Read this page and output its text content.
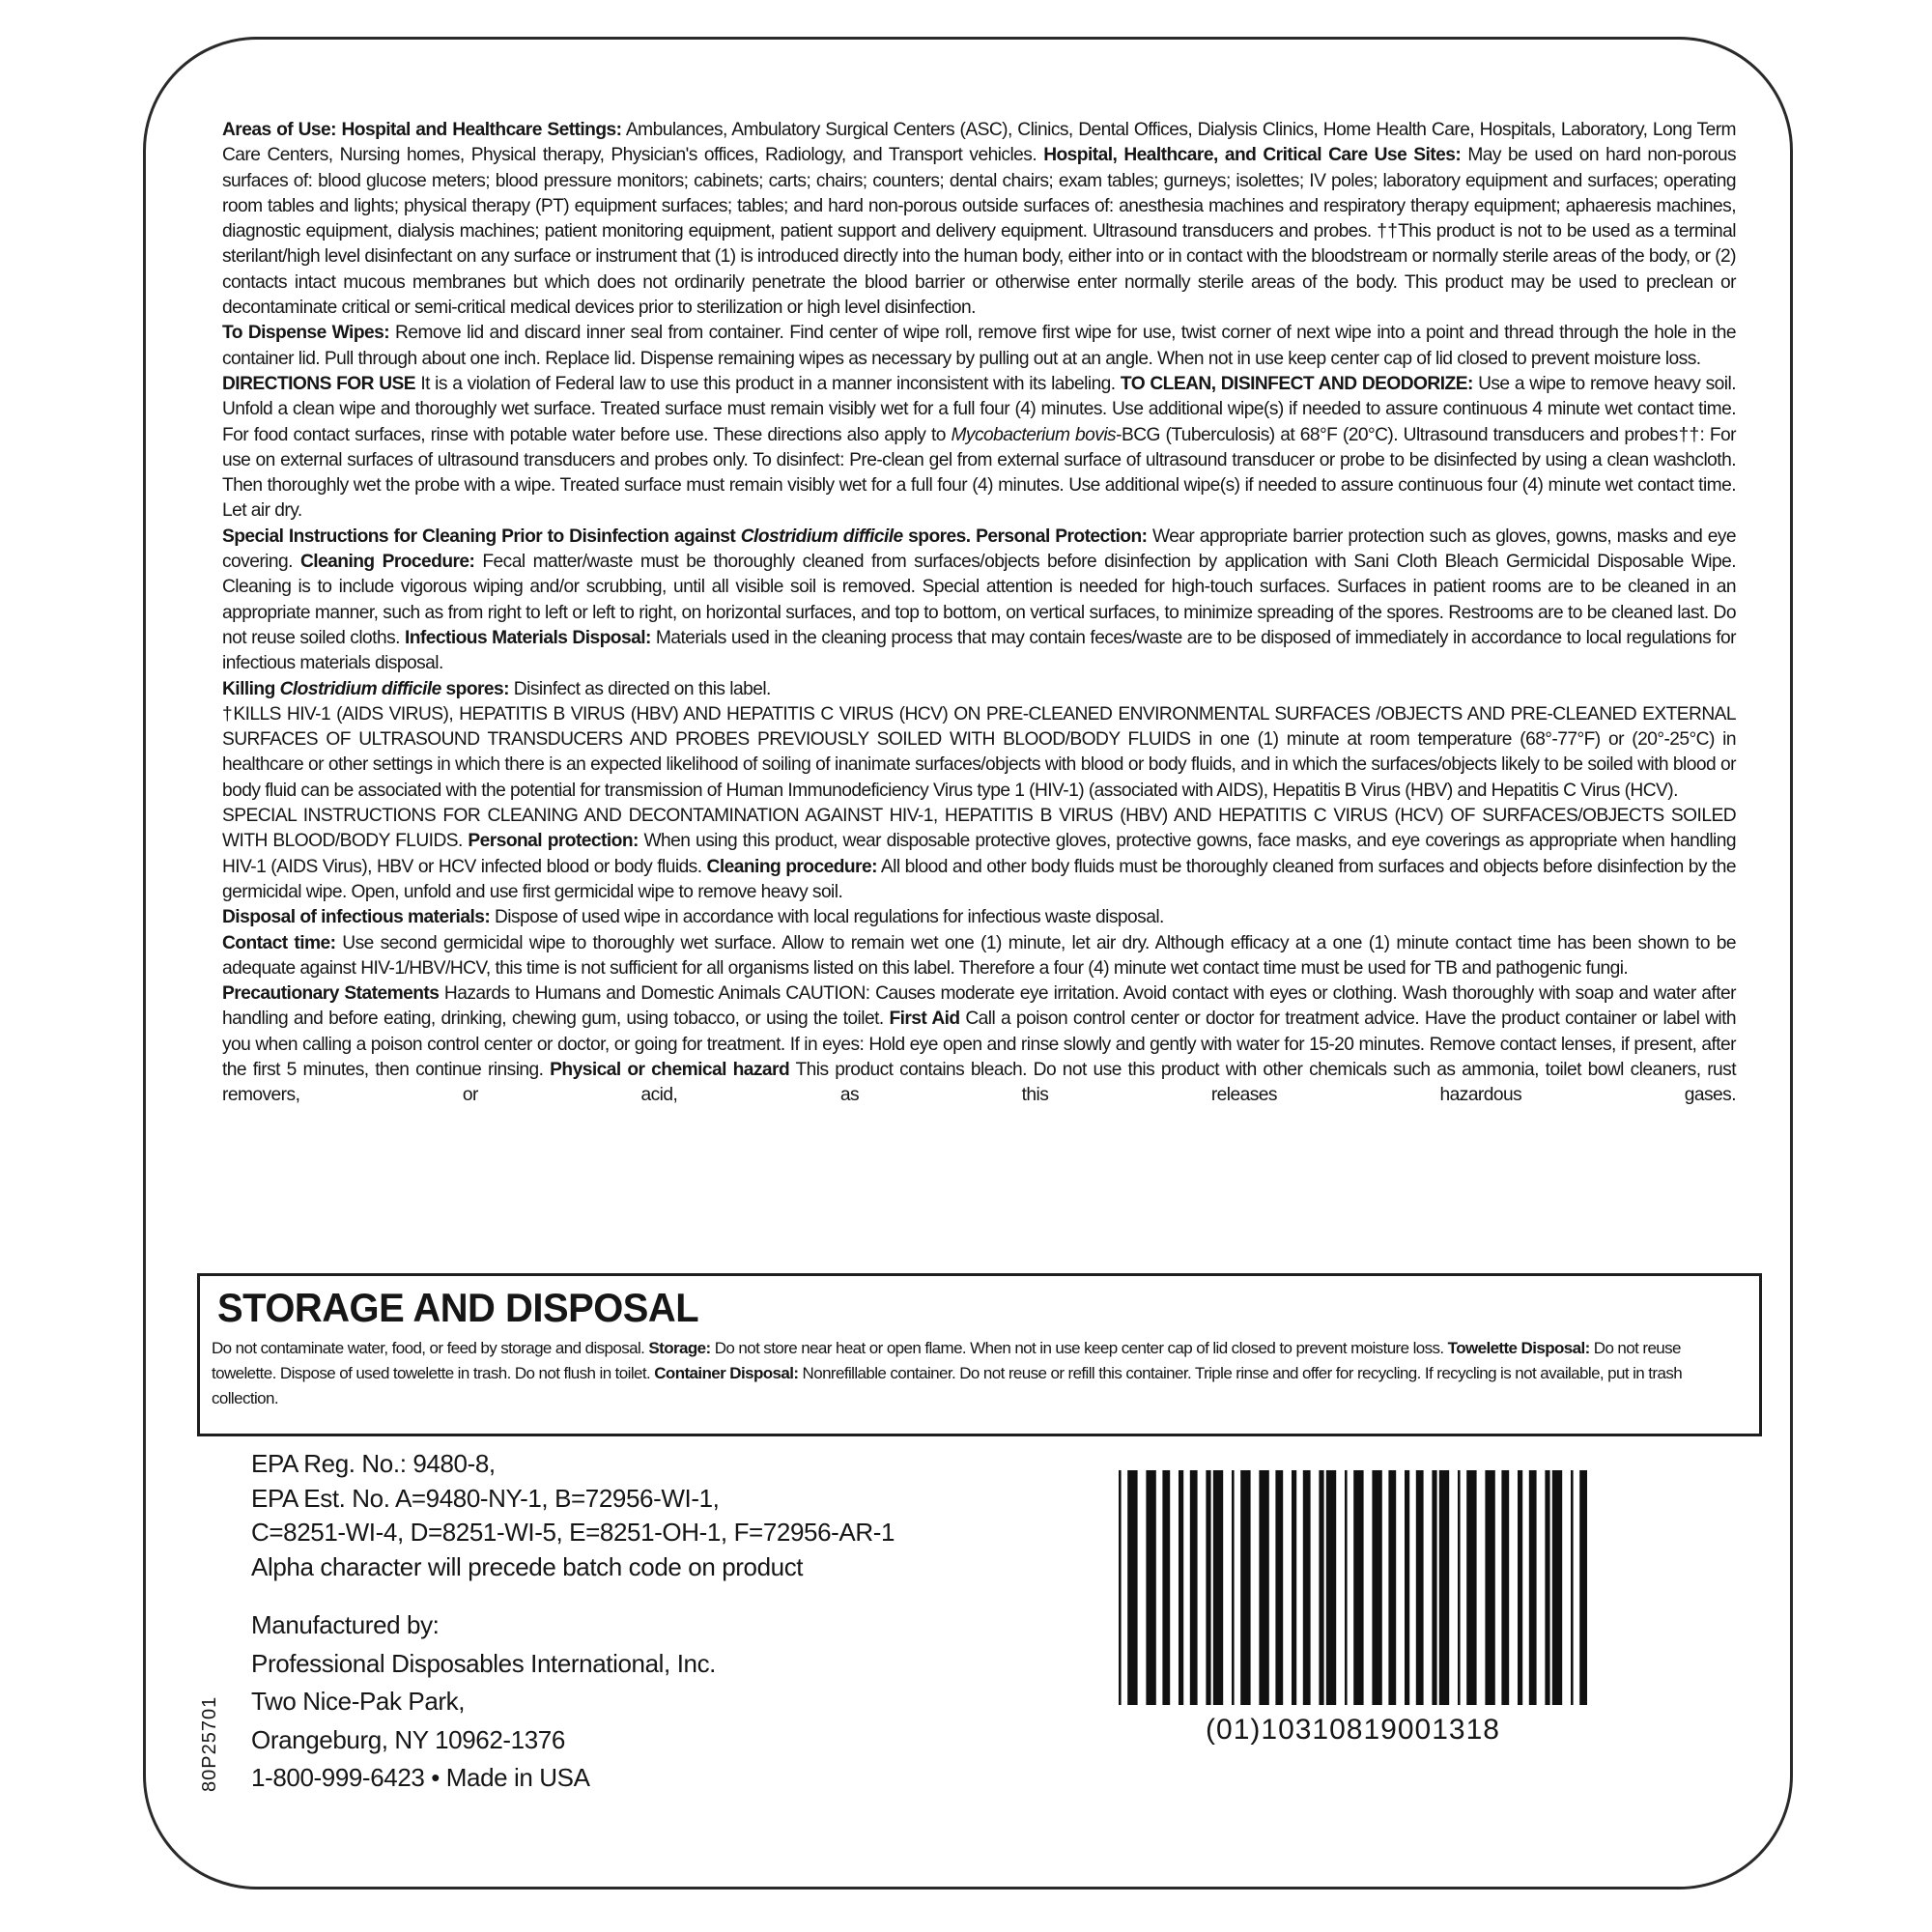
Areas of Use: Hospital and Healthcare Settings: Ambulances, Ambulatory Surgical Centers (ASC), Clinics, Dental Offices, Dialysis Clinics, Home Health Care, Hospitals, Laboratory, Long Term Care Centers, Nursing homes, Physical therapy, Physician's offices, Radiology, and Transport vehicles. Hospital, Healthcare, and Critical Care Use Sites: May be used on hard non-porous surfaces of: blood glucose meters; blood pressure monitors; cabinets; carts; chairs; counters; dental chairs; exam tables; gurneys; isolettes; IV poles; laboratory equipment and surfaces; operating room tables and lights; physical therapy (PT) equipment surfaces; tables; and hard non-porous outside surfaces of: anesthesia machines and respiratory therapy equipment; aphaeresis machines, diagnostic equipment, dialysis machines; patient monitoring equipment, patient support and delivery equipment. Ultrasound transducers and probes. ††This product is not to be used as a terminal sterilant/high level disinfectant on any surface or instrument that (1) is introduced directly into the human body, either into or in contact with the bloodstream or normally sterile areas of the body, or (2) contacts intact mucous membranes but which does not ordinarily penetrate the blood barrier or otherwise enter normally sterile areas of the body. This product may be used to preclean or decontaminate critical or semi-critical medical devices prior to sterilization or high level disinfection.

To Dispense Wipes: Remove lid and discard inner seal from container. Find center of wipe roll, remove first wipe for use, twist corner of next wipe into a point and thread through the hole in the container lid. Pull through about one inch. Replace lid. Dispense remaining wipes as necessary by pulling out at an angle. When not in use keep center cap of lid closed to prevent moisture loss.

DIRECTIONS FOR USE It is a violation of Federal law to use this product in a manner inconsistent with its labeling. TO CLEAN, DISINFECT AND DEODORIZE: Use a wipe to remove heavy soil. Unfold a clean wipe and thoroughly wet surface. Treated surface must remain visibly wet for a full four (4) minutes. Use additional wipe(s) if needed to assure continuous 4 minute wet contact time. For food contact surfaces, rinse with potable water before use. These directions also apply to Mycobacterium bovis-BCG (Tuberculosis) at 68°F (20°C). Ultrasound transducers and probes††: For use on external surfaces of ultrasound transducers and probes only. To disinfect: Pre-clean gel from external surface of ultrasound transducer or probe to be disinfected by using a clean washcloth. Then thoroughly wet the probe with a wipe. Treated surface must remain visibly wet for a full four (4) minutes. Use additional wipe(s) if needed to assure continuous four (4) minute wet contact time. Let air dry.

Special Instructions for Cleaning Prior to Disinfection against Clostridium difficile spores. Personal Protection: Wear appropriate barrier protection such as gloves, gowns, masks and eye covering. Cleaning Procedure: Fecal matter/waste must be thoroughly cleaned from surfaces/objects before disinfection by application with Sani Cloth Bleach Germicidal Disposable Wipe. Cleaning is to include vigorous wiping and/or scrubbing, until all visible soil is removed. Special attention is needed for high-touch surfaces. Surfaces in patient rooms are to be cleaned in an appropriate manner, such as from right to left or left to right, on horizontal surfaces, and top to bottom, on vertical surfaces, to minimize spreading of the spores. Restrooms are to be cleaned last. Do not reuse soiled cloths. Infectious Materials Disposal: Materials used in the cleaning process that may contain feces/waste are to be disposed of immediately in accordance to local regulations for infectious materials disposal.

Killing Clostridium difficile spores: Disinfect as directed on this label.

†KILLS HIV-1 (AIDS VIRUS), HEPATITIS B VIRUS (HBV) AND HEPATITIS C VIRUS (HCV) ON PRE-CLEANED ENVIRONMENTAL SURFACES /OBJECTS AND PRE-CLEANED EXTERNAL SURFACES OF ULTRASOUND TRANSDUCERS AND PROBES PREVIOUSLY SOILED WITH BLOOD/BODY FLUIDS in one (1) minute at room temperature (68°-77°F) or (20°-25°C) in healthcare or other settings in which there is an expected likelihood of soiling of inanimate surfaces/objects with blood or body fluids, and in which the surfaces/objects likely to be soiled with blood or body fluid can be associated with the potential for transmission of Human Immunodeficiency Virus type 1 (HIV-1) (associated with AIDS), Hepatitis B Virus (HBV) and Hepatitis C Virus (HCV).

SPECIAL INSTRUCTIONS FOR CLEANING AND DECONTAMINATION AGAINST HIV-1, HEPATITIS B VIRUS (HBV) AND HEPATITIS C VIRUS (HCV) OF SURFACES/OBJECTS SOILED WITH BLOOD/BODY FLUIDS. Personal protection: When using this product, wear disposable protective gloves, protective gowns, face masks, and eye coverings as appropriate when handling HIV-1 (AIDS Virus), HBV or HCV infected blood or body fluids. Cleaning procedure: All blood and other body fluids must be thoroughly cleaned from surfaces and objects before disinfection by the germicidal wipe. Open, unfold and use first germicidal wipe to remove heavy soil.

Disposal of infectious materials: Dispose of used wipe in accordance with local regulations for infectious waste disposal.

Contact time: Use second germicidal wipe to thoroughly wet surface. Allow to remain wet one (1) minute, let air dry. Although efficacy at a one (1) minute contact time has been shown to be adequate against HIV-1/HBV/HCV, this time is not sufficient for all organisms listed on this label. Therefore a four (4) minute wet contact time must be used for TB and pathogenic fungi.

Precautionary Statements Hazards to Humans and Domestic Animals CAUTION: Causes moderate eye irritation. Avoid contact with eyes or clothing. Wash thoroughly with soap and water after handling and before eating, drinking, chewing gum, using tobacco, or using the toilet. First Aid Call a poison control center or doctor for treatment advice. Have the product container or label with you when calling a poison control center or doctor, or going for treatment. If in eyes: Hold eye open and rinse slowly and gently with water for 15-20 minutes. Remove contact lenses, if present, after the first 5 minutes, then continue rinsing. Physical or chemical hazard This product contains bleach. Do not use this product with other chemicals such as ammonia, toilet bowl cleaners, rust removers, or acid, as this releases hazardous gases.

STORAGE AND DISPOSAL

Do not contaminate water, food, or feed by storage and disposal. Storage: Do not store near heat or open flame. When not in use keep center cap of lid closed to prevent moisture loss. Towelette Disposal: Do not reuse towelette. Dispose of used towelette in trash. Do not flush in toilet. Container Disposal: Nonrefillable container. Do not reuse or refill this container. Triple rinse and offer for recycling. If recycling is not available, put in trash collection.

EPA Reg. No.: 9480-8,
EPA Est. No. A=9480-NY-1, B=72956-WI-1,
C=8251-WI-4, D=8251-WI-5, E=8251-OH-1, F=72956-AR-1
Alpha character will precede batch code on product
Manufactured by:
Professional Disposables International, Inc.
Two Nice-Pak Park,
Orangeburg, NY 10962-1376
1-800-999-6423 • Made in USA
80P25701	(01)10310819001318
